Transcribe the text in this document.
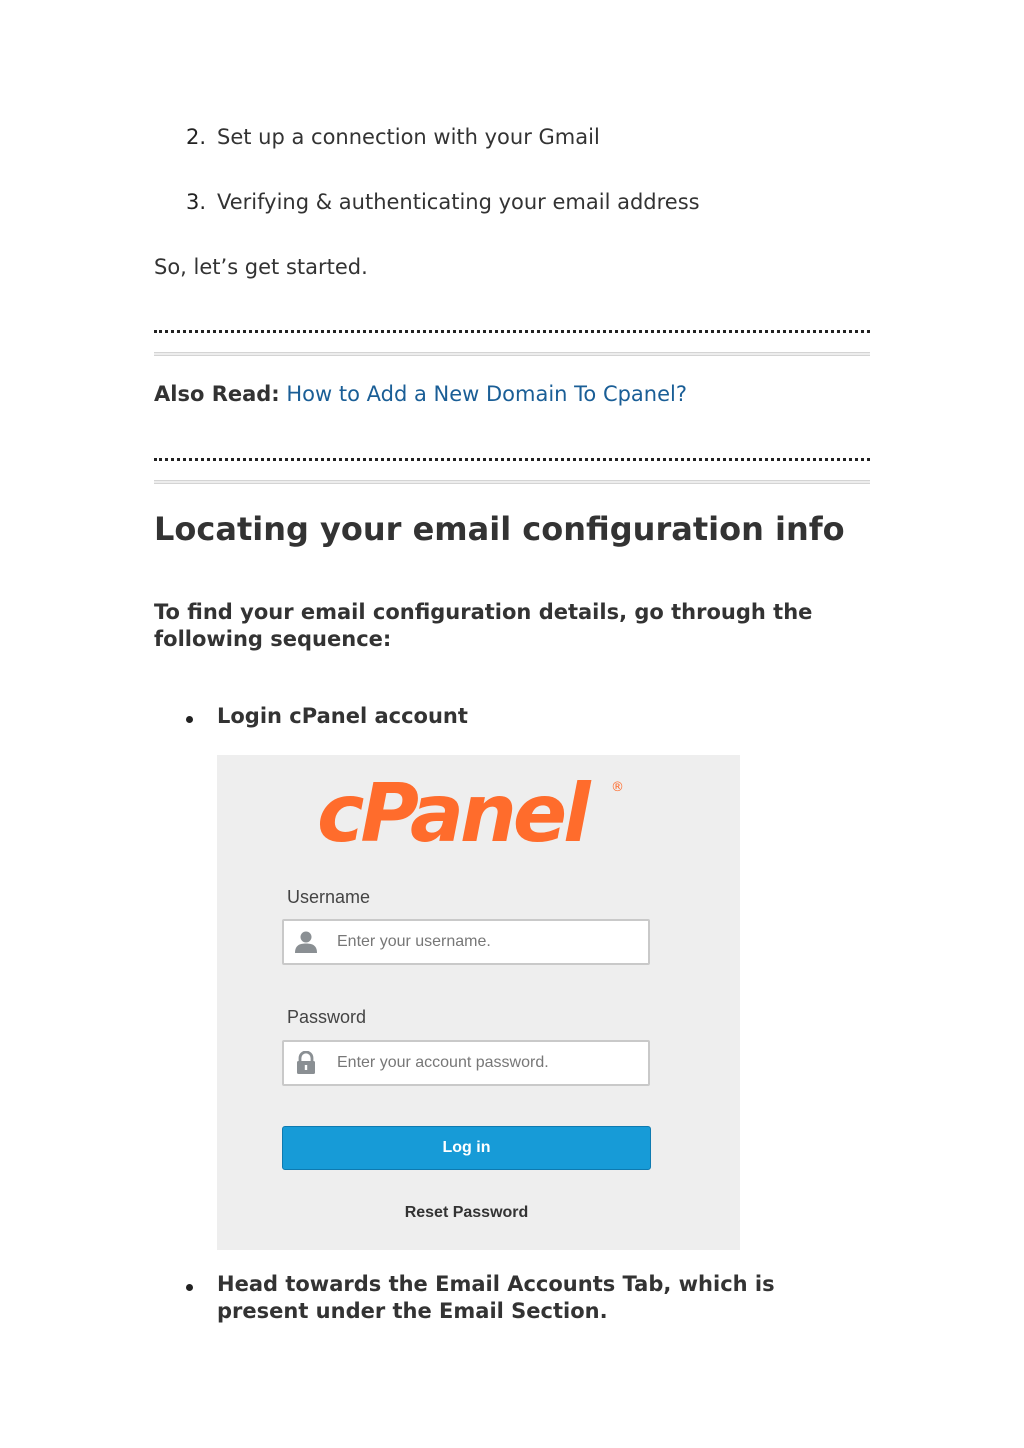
2. Set up a connection with your Gmail
3. Verifying & authenticating your email address
So, let’s get started.
Also Read: How to Add a New Domain To Cpanel?
Locating your email configuration info
To find your email configuration details, go through the following sequence:
Login cPanel account
cPanel	®
Username
Enter your username.
Password
Enter your account password.
Log in
Reset Password
Head towards the Email Accounts Tab, which is present under the Email Section.
